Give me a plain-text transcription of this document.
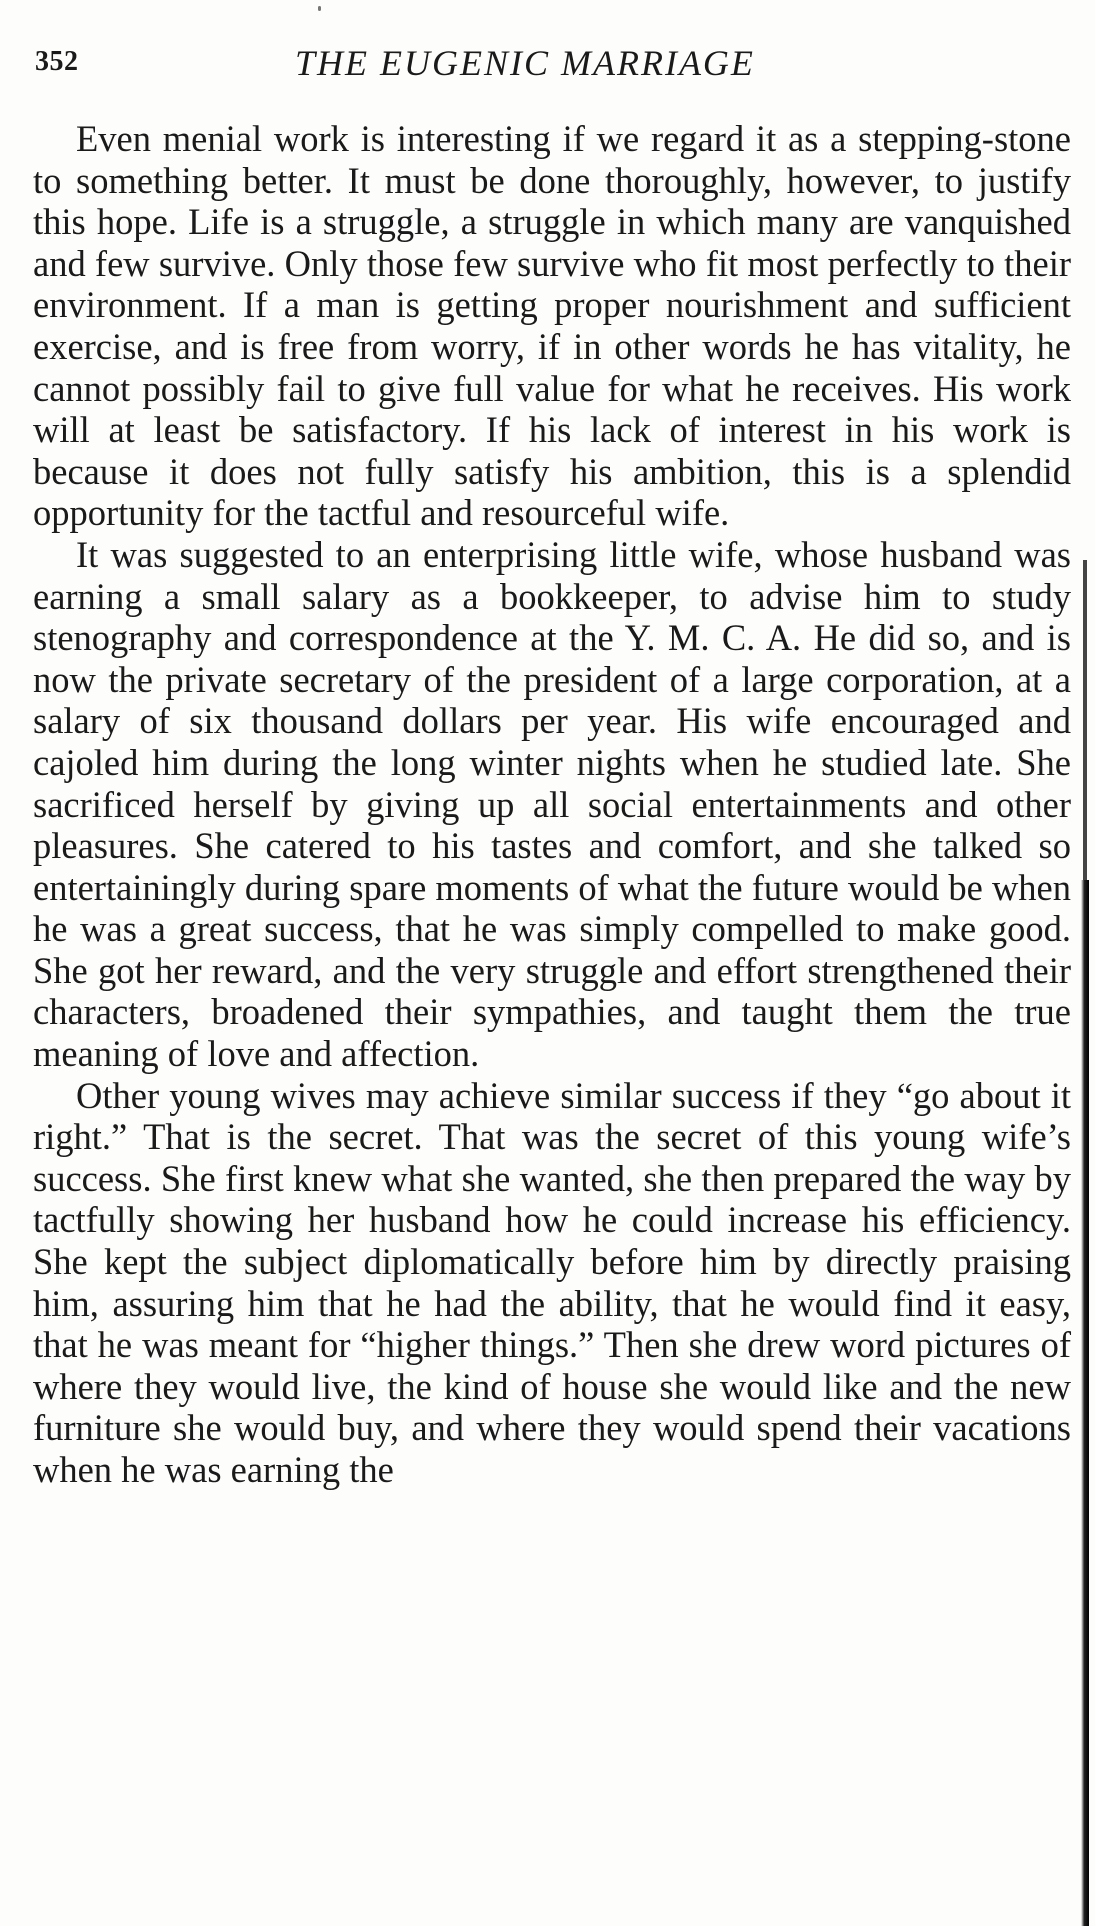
352	THE EUGENIC MARRIAGE

Even menial work is interesting if we regard it as a stepping-stone to something better. It must be done thoroughly, however, to justify this hope. Life is a struggle, a struggle in which many are vanquished and few survive. Only those few survive who fit most perfectly to their environment. If a man is getting proper nourishment and sufficient exercise, and is free from worry, if in other words he has vitality, he cannot possibly fail to give full value for what he receives. His work will at least be satisfactory. If his lack of interest in his work is because it does not fully satisfy his ambition, this is a splendid opportunity for the tactful and resourceful wife.

It was suggested to an enterprising little wife, whose husband was earning a small salary as a bookkeeper, to advise him to study stenography and correspondence at the Y. M. C. A. He did so, and is now the private secretary of the president of a large corporation, at a salary of six thousand dollars per year. His wife encouraged and cajoled him during the long winter nights when he studied late. She sacrificed herself by giving up all social entertainments and other pleasures. She catered to his tastes and comfort, and she talked so entertainingly during spare moments of what the future would be when he was a great success, that he was simply compelled to make good. She got her reward, and the very struggle and effort strengthened their characters, broadened their sympathies, and taught them the true meaning of love and affection.

Other young wives may achieve similar success if they “go about it right.” That is the secret. That was the secret of this young wife’s success. She first knew what she wanted, she then prepared the way by tactfully showing her husband how he could increase his efficiency. She kept the subject diplomatically before him by directly praising him, assuring him that he had the ability, that he would find it easy, that he was meant for “higher things.” Then she drew word pictures of where they would live, the kind of house she would like and the new furniture she would buy, and where they would spend their vacations when he was earning the
